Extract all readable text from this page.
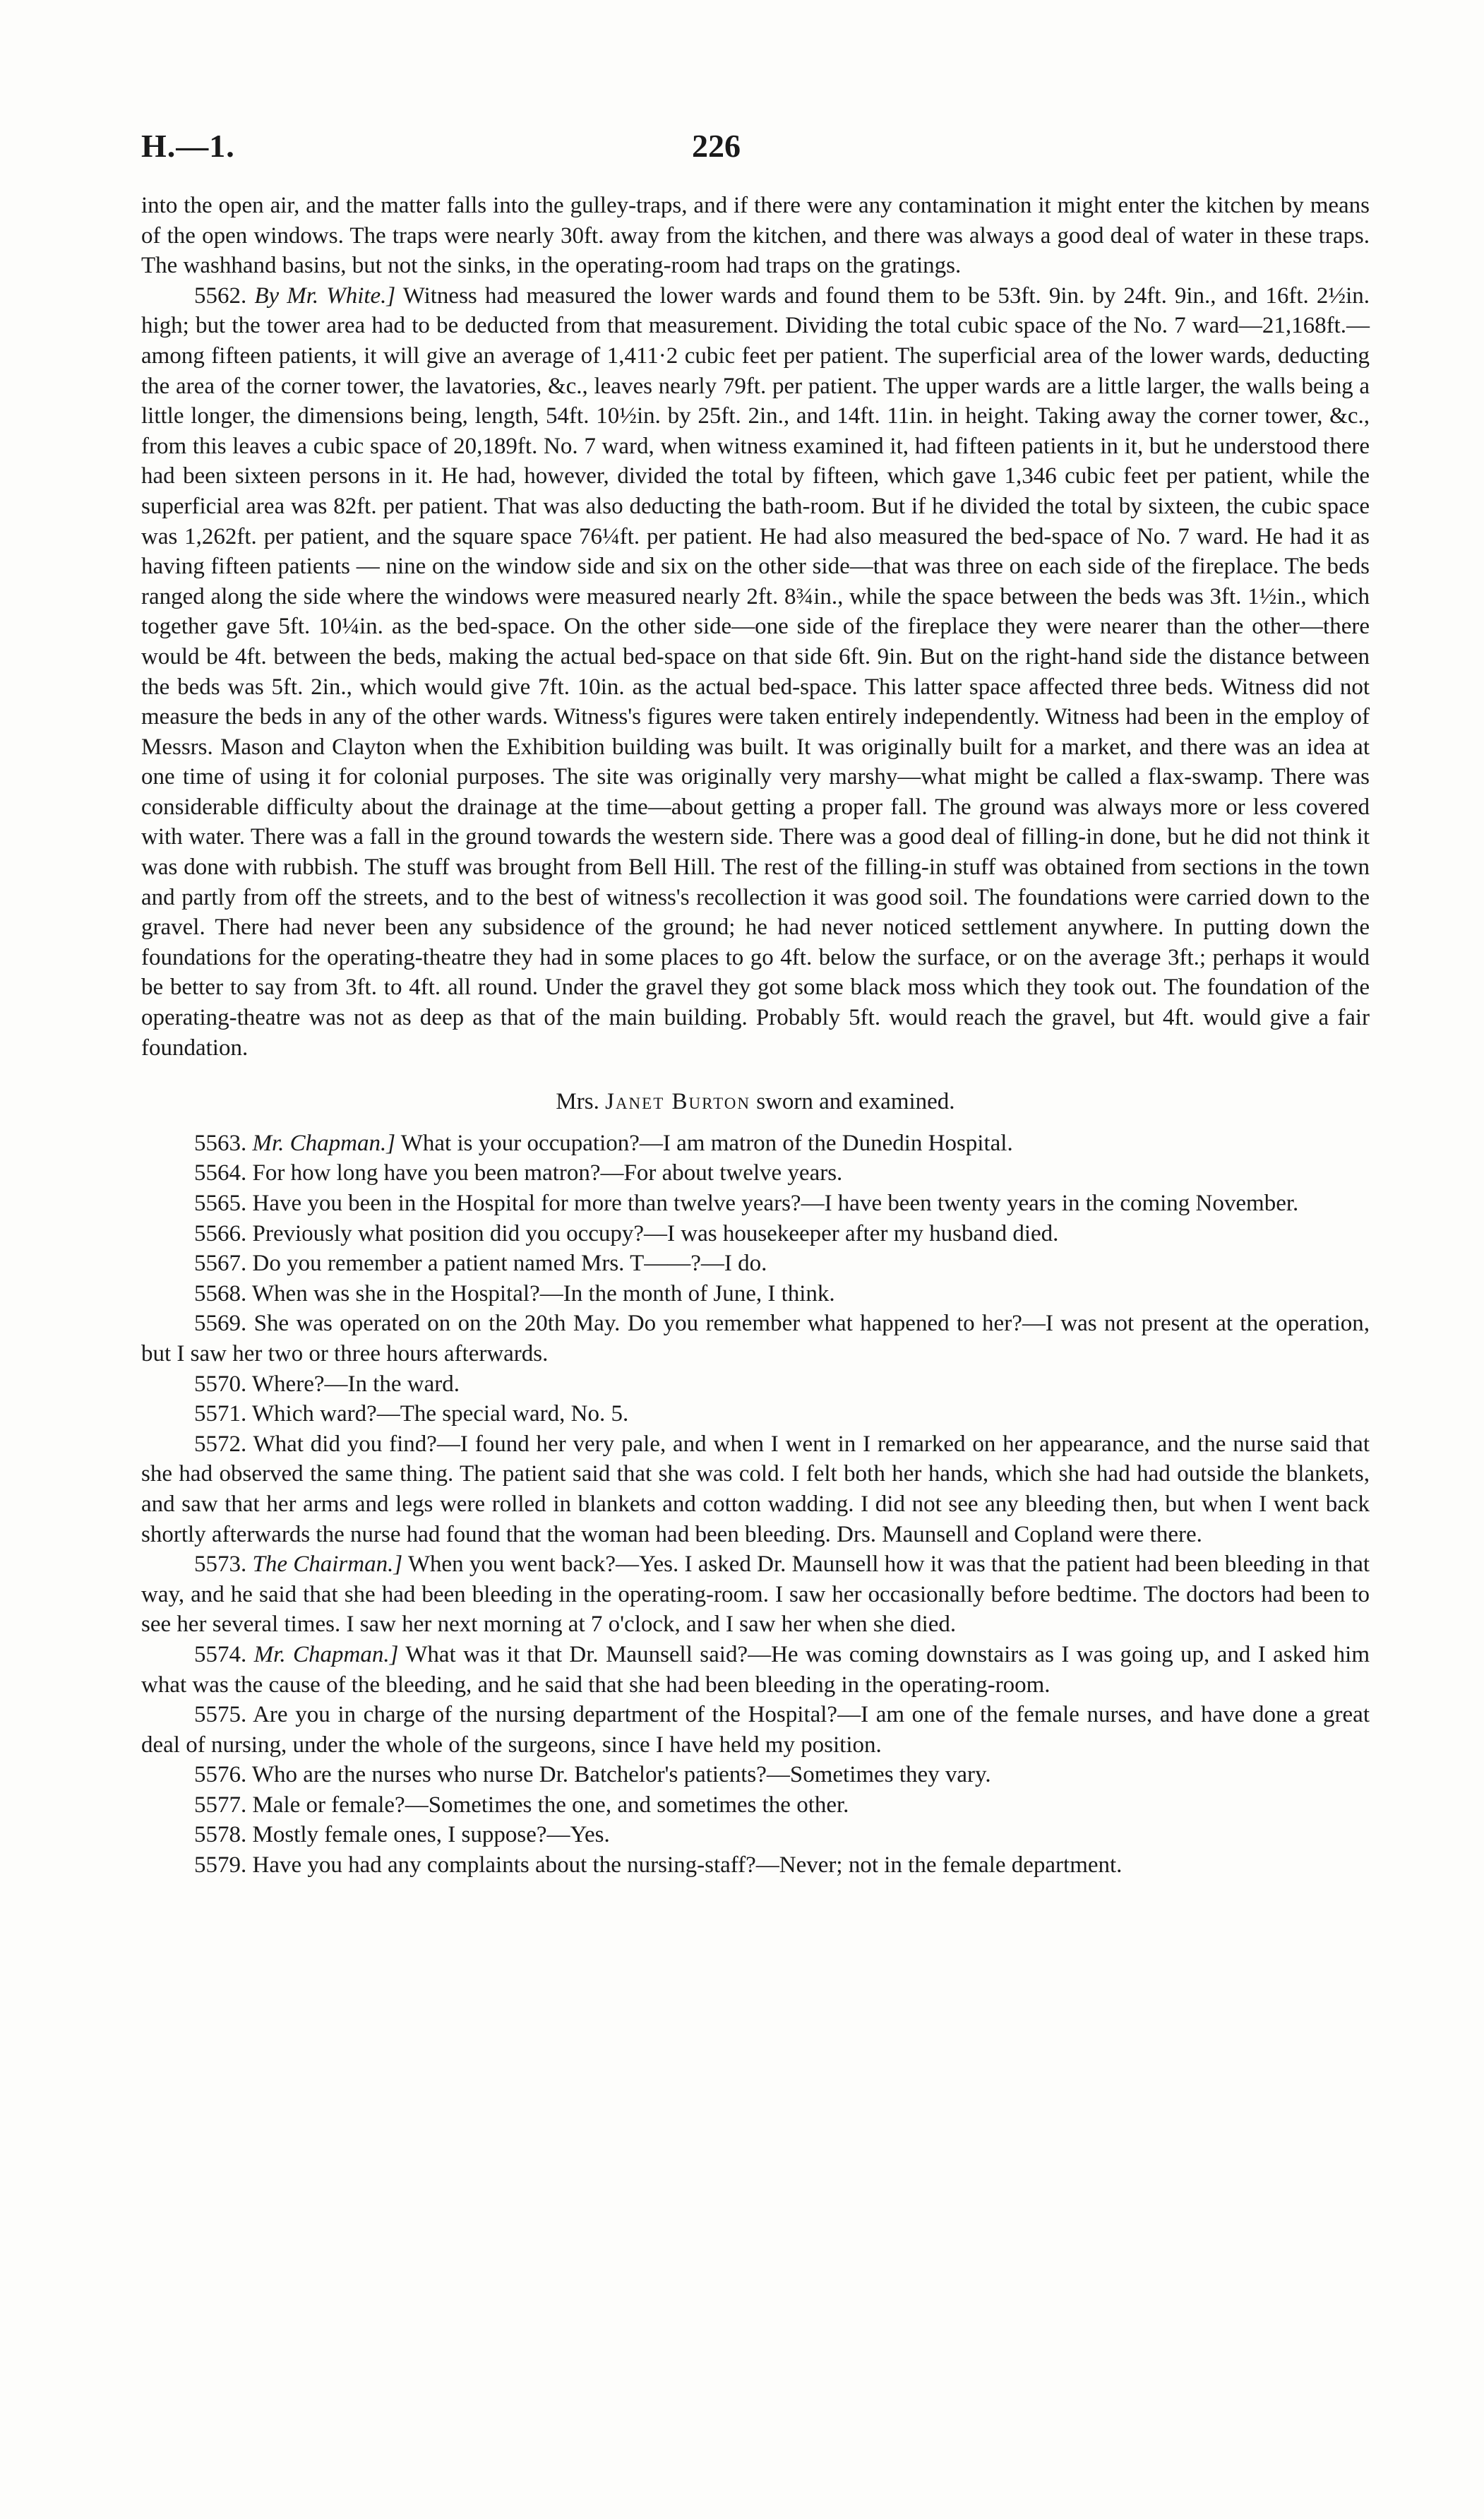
H.—1.	226

into the open air, and the matter falls into the gulley-traps, and if there were any contamination it might enter the kitchen by means of the open windows. The traps were nearly 30ft. away from the kitchen, and there was always a good deal of water in these traps. The washhand basins, but not the sinks, in the operating-room had traps on the gratings.

5562. By Mr. White.] Witness had measured the lower wards and found them to be 53ft. 9in. by 24ft. 9in., and 16ft. 2½in. high; but the tower area had to be deducted from that measurement. Dividing the total cubic space of the No. 7 ward—21,168ft.—among fifteen patients, it will give an average of 1,411·2 cubic feet per patient. The superficial area of the lower wards, deducting the area of the corner tower, the lavatories, &c., leaves nearly 79ft. per patient. The upper wards are a little larger, the walls being a little longer, the dimensions being, length, 54ft. 10½in. by 25ft. 2in., and 14ft. 11in. in height. Taking away the corner tower, &c., from this leaves a cubic space of 20,189ft. No. 7 ward, when witness examined it, had fifteen patients in it, but he understood there had been sixteen persons in it. He had, however, divided the total by fifteen, which gave 1,346 cubic feet per patient, while the superficial area was 82ft. per patient. That was also deducting the bath-room. But if he divided the total by sixteen, the cubic space was 1,262ft. per patient, and the square space 76¼ft. per patient. He had also measured the bed-space of No. 7 ward. He had it as having fifteen patients — nine on the window side and six on the other side—that was three on each side of the fireplace. The beds ranged along the side where the windows were measured nearly 2ft. 8¾in., while the space between the beds was 3ft. 1½in., which together gave 5ft. 10¼in. as the bed-space. On the other side—one side of the fireplace they were nearer than the other—there would be 4ft. between the beds, making the actual bed-space on that side 6ft. 9in. But on the right-hand side the distance between the beds was 5ft. 2in., which would give 7ft. 10in. as the actual bed-space. This latter space affected three beds. Witness did not measure the beds in any of the other wards. Witness's figures were taken entirely independently. Witness had been in the employ of Messrs. Mason and Clayton when the Exhibition building was built. It was originally built for a market, and there was an idea at one time of using it for colonial purposes. The site was originally very marshy—what might be called a flax-swamp. There was considerable difficulty about the drainage at the time—about getting a proper fall. The ground was always more or less covered with water. There was a fall in the ground towards the western side. There was a good deal of filling-in done, but he did not think it was done with rubbish. The stuff was brought from Bell Hill. The rest of the filling-in stuff was obtained from sections in the town and partly from off the streets, and to the best of witness's recollection it was good soil. The foundations were carried down to the gravel. There had never been any subsidence of the ground; he had never noticed settlement anywhere. In putting down the foundations for the operating-theatre they had in some places to go 4ft. below the surface, or on the average 3ft.; perhaps it would be better to say from 3ft. to 4ft. all round. Under the gravel they got some black moss which they took out. The foundation of the operating-theatre was not as deep as that of the main building. Probably 5ft. would reach the gravel, but 4ft. would give a fair foundation.

Mrs. Janet Burton sworn and examined.

5563. Mr. Chapman.] What is your occupation?—I am matron of the Dunedin Hospital.

5564. For how long have you been matron?—For about twelve years.

5565. Have you been in the Hospital for more than twelve years?—I have been twenty years in the coming November.

5566. Previously what position did you occupy?—I was housekeeper after my husband died.

5567. Do you remember a patient named Mrs. T——?—I do.

5568. When was she in the Hospital?—In the month of June, I think.

5569. She was operated on on the 20th May. Do you remember what happened to her?—I was not present at the operation, but I saw her two or three hours afterwards.

5570. Where?—In the ward.

5571. Which ward?—The special ward, No. 5.

5572. What did you find?—I found her very pale, and when I went in I remarked on her appearance, and the nurse said that she had observed the same thing. The patient said that she was cold. I felt both her hands, which she had had outside the blankets, and saw that her arms and legs were rolled in blankets and cotton wadding. I did not see any bleeding then, but when I went back shortly afterwards the nurse had found that the woman had been bleeding. Drs. Maunsell and Copland were there.

5573. The Chairman.] When you went back?—Yes. I asked Dr. Maunsell how it was that the patient had been bleeding in that way, and he said that she had been bleeding in the operating-room. I saw her occasionally before bedtime. The doctors had been to see her several times. I saw her next morning at 7 o'clock, and I saw her when she died.

5574. Mr. Chapman.] What was it that Dr. Maunsell said?—He was coming downstairs as I was going up, and I asked him what was the cause of the bleeding, and he said that she had been bleeding in the operating-room.

5575. Are you in charge of the nursing department of the Hospital?—I am one of the female nurses, and have done a great deal of nursing, under the whole of the surgeons, since I have held my position.

5576. Who are the nurses who nurse Dr. Batchelor's patients?—Sometimes they vary.

5577. Male or female?—Sometimes the one, and sometimes the other.

5578. Mostly female ones, I suppose?—Yes.

5579. Have you had any complaints about the nursing-staff?—Never; not in the female department.
